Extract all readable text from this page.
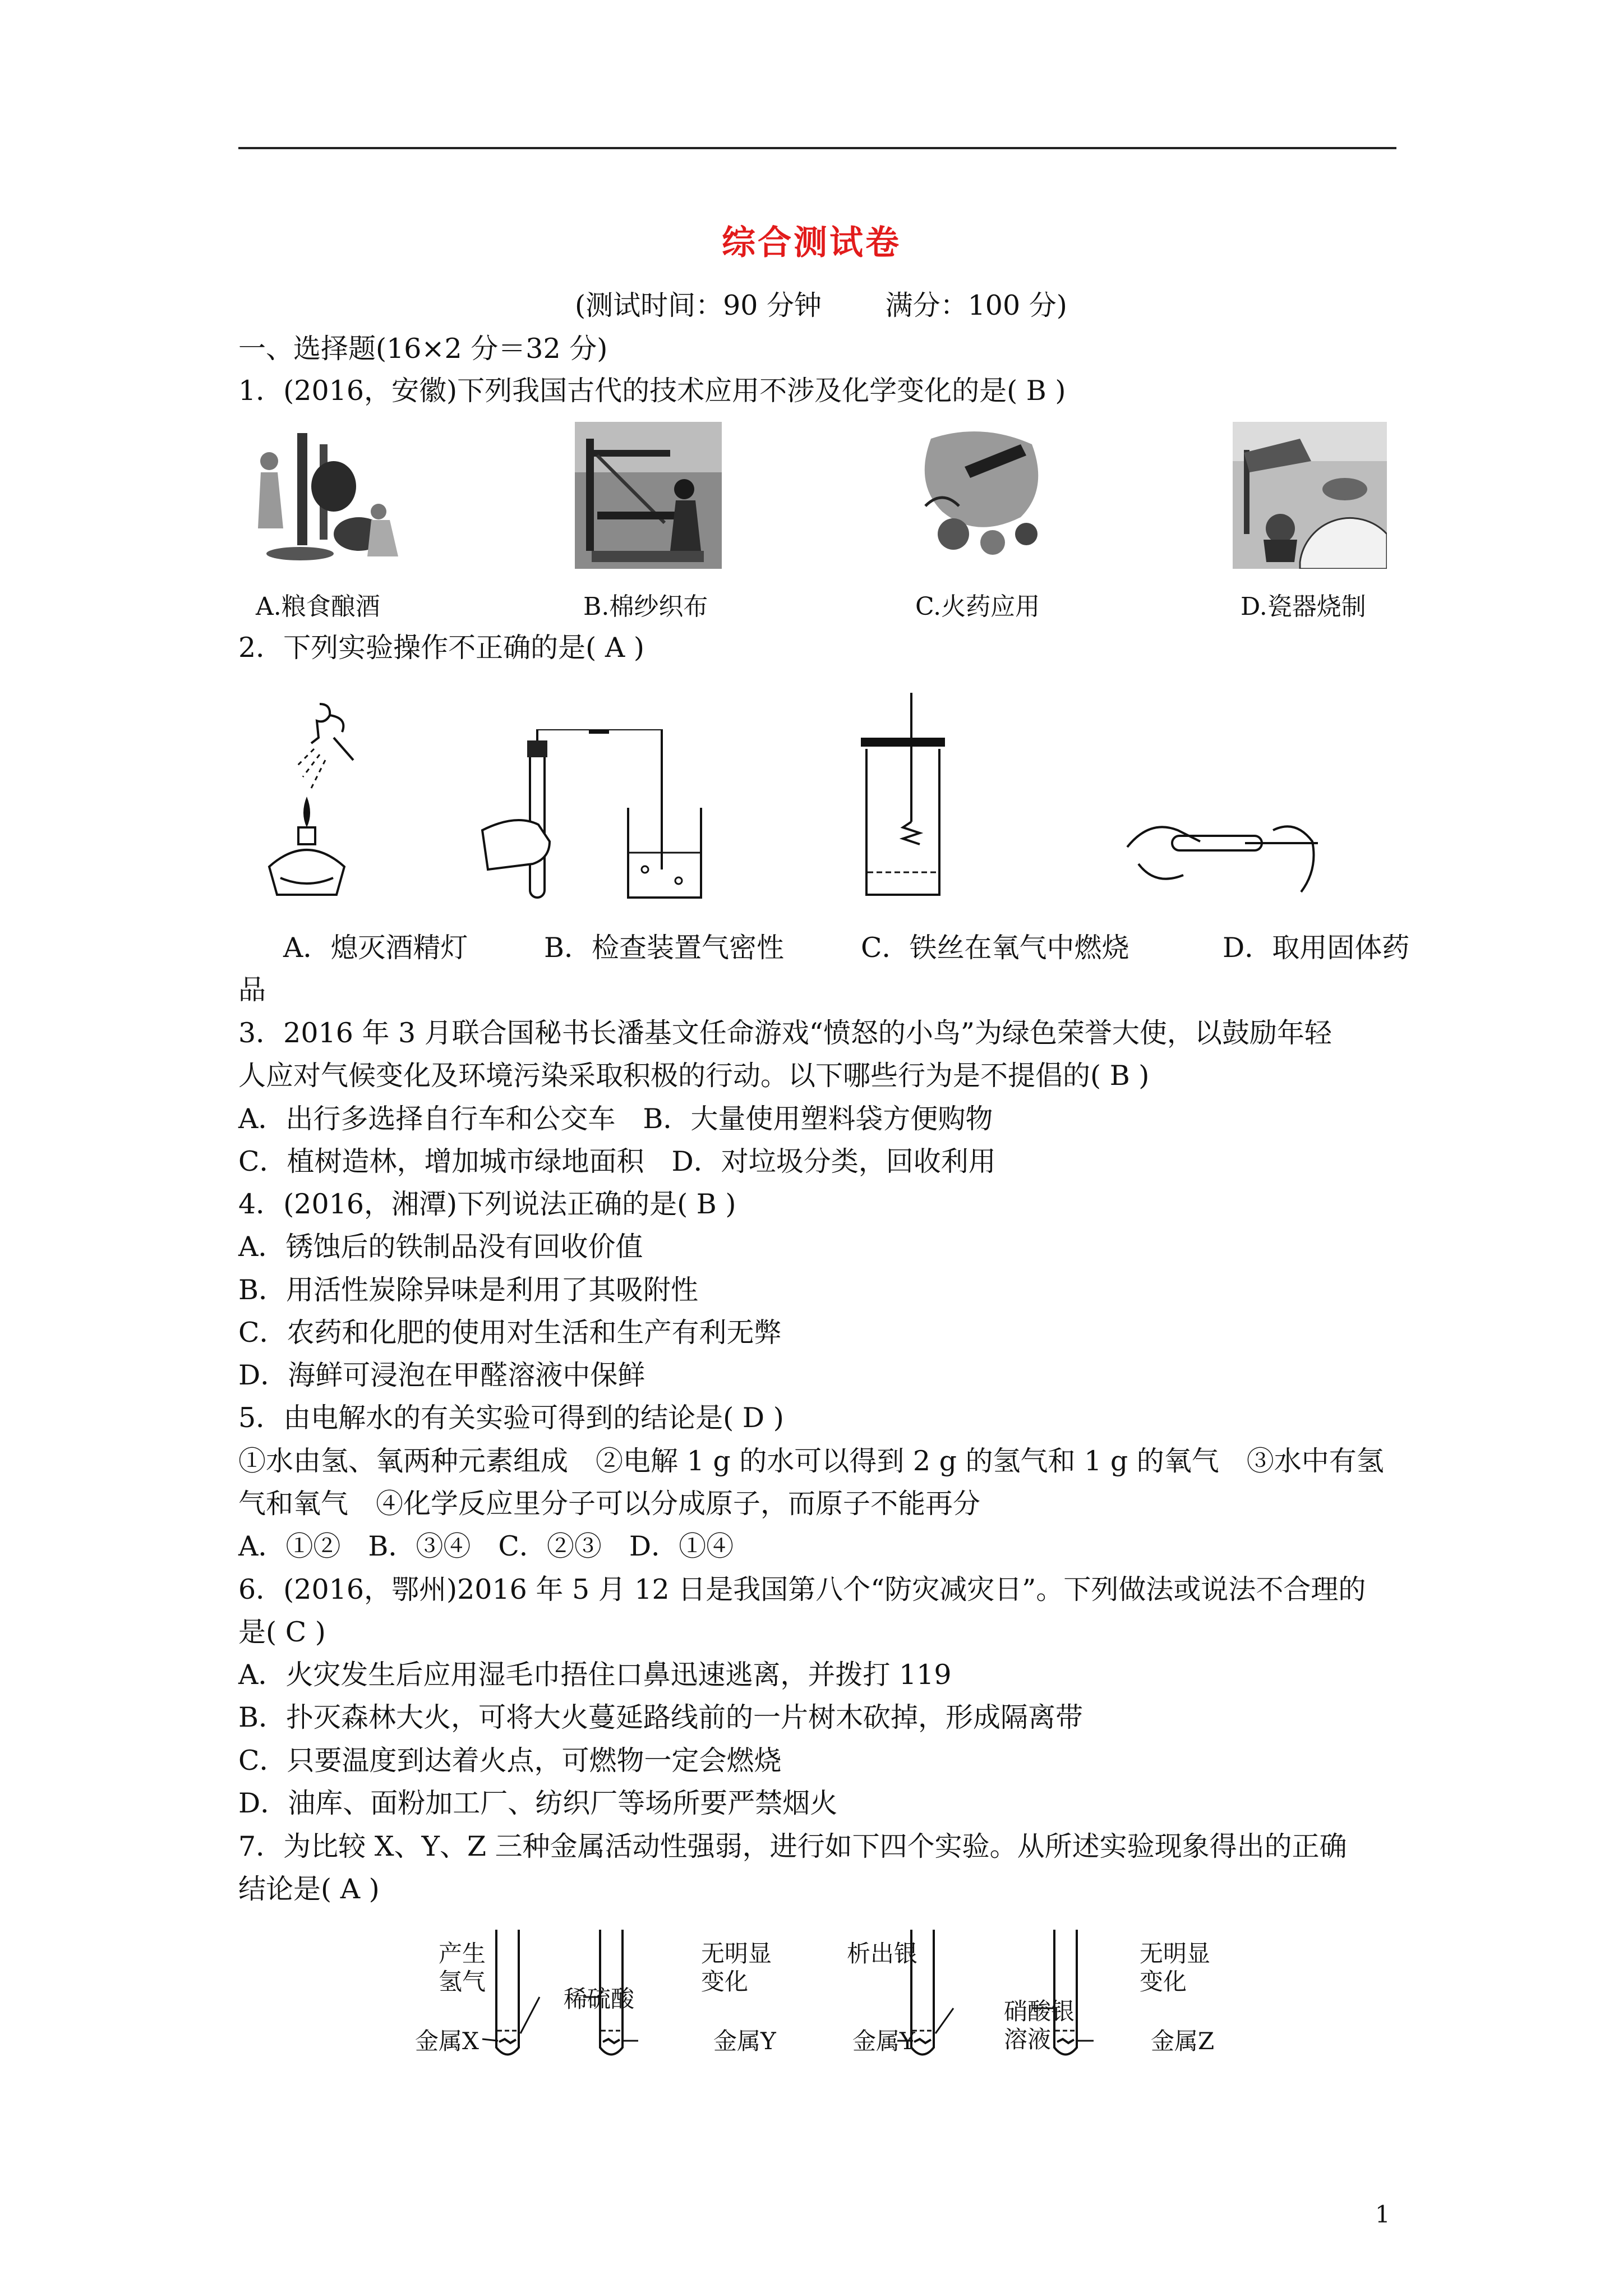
综合测试卷
(测试时间：90 分钟　　 满分：100 分)
一、选择题(16×2 分＝32 分)
1．(2016，安徽)下列我国古代的技术应用不涉及化学变化的是( B )
A.粮食酿酒	B.棉纱织布	C.火药应用	D.瓷器烧制
2．下列实验操作不正确的是( A )
A．熄灭酒精灯	B．检查装置气密性	C．铁丝在氧气中燃烧	D．取用固体药
品
3．2016 年 3 月联合国秘书长潘基文任命游戏“愤怒的小鸟”为绿色荣誉大使，以鼓励年轻
人应对气候变化及环境污染采取积极的行动。以下哪些行为是不提倡的( B )
A．出行多选择自行车和公交车　B．大量使用塑料袋方便购物
C．植树造林，增加城市绿地面积　D．对垃圾分类，回收利用
4．(2016，湘潭)下列说法正确的是( B )
A．锈蚀后的铁制品没有回收价值
B．用活性炭除异味是利用了其吸附性
C．农药和化肥的使用对生活和生产有利无弊
D．海鲜可浸泡在甲醛溶液中保鲜
5．由电解水的有关实验可得到的结论是( D )
①水由氢、氧两种元素组成　②电解 1 g 的水可以得到 2 g 的氢气和 1 g 的氧气　③水中有氢
气和氧气　④化学反应里分子可以分成原子，而原子不能再分
A．①②　B．③④　C．②③　D．①④
6．(2016，鄂州)2016 年 5 月 12 日是我国第八个“防灾减灾日”。下列做法或说法不合理的
是( C )
A．火灾发生后应用湿毛巾捂住口鼻迅速逃离，并拨打 119
B．扑灭森林大火，可将大火蔓延路线前的一片树木砍掉，形成隔离带
C．只要温度到达着火点，可燃物一定会燃烧
D．油库、面粉加工厂、纺织厂等场所要严禁烟火
7．为比较 X、Y、Z 三种金属活动性强弱，进行如下四个实验。从所述实验现象得出的正确
结论是( A )
产生
氢气
金属X
稀硫酸
无明显
变化
金属Y
析出银
金属Y
硝酸银
溶液
无明显
变化
金属Z
1
